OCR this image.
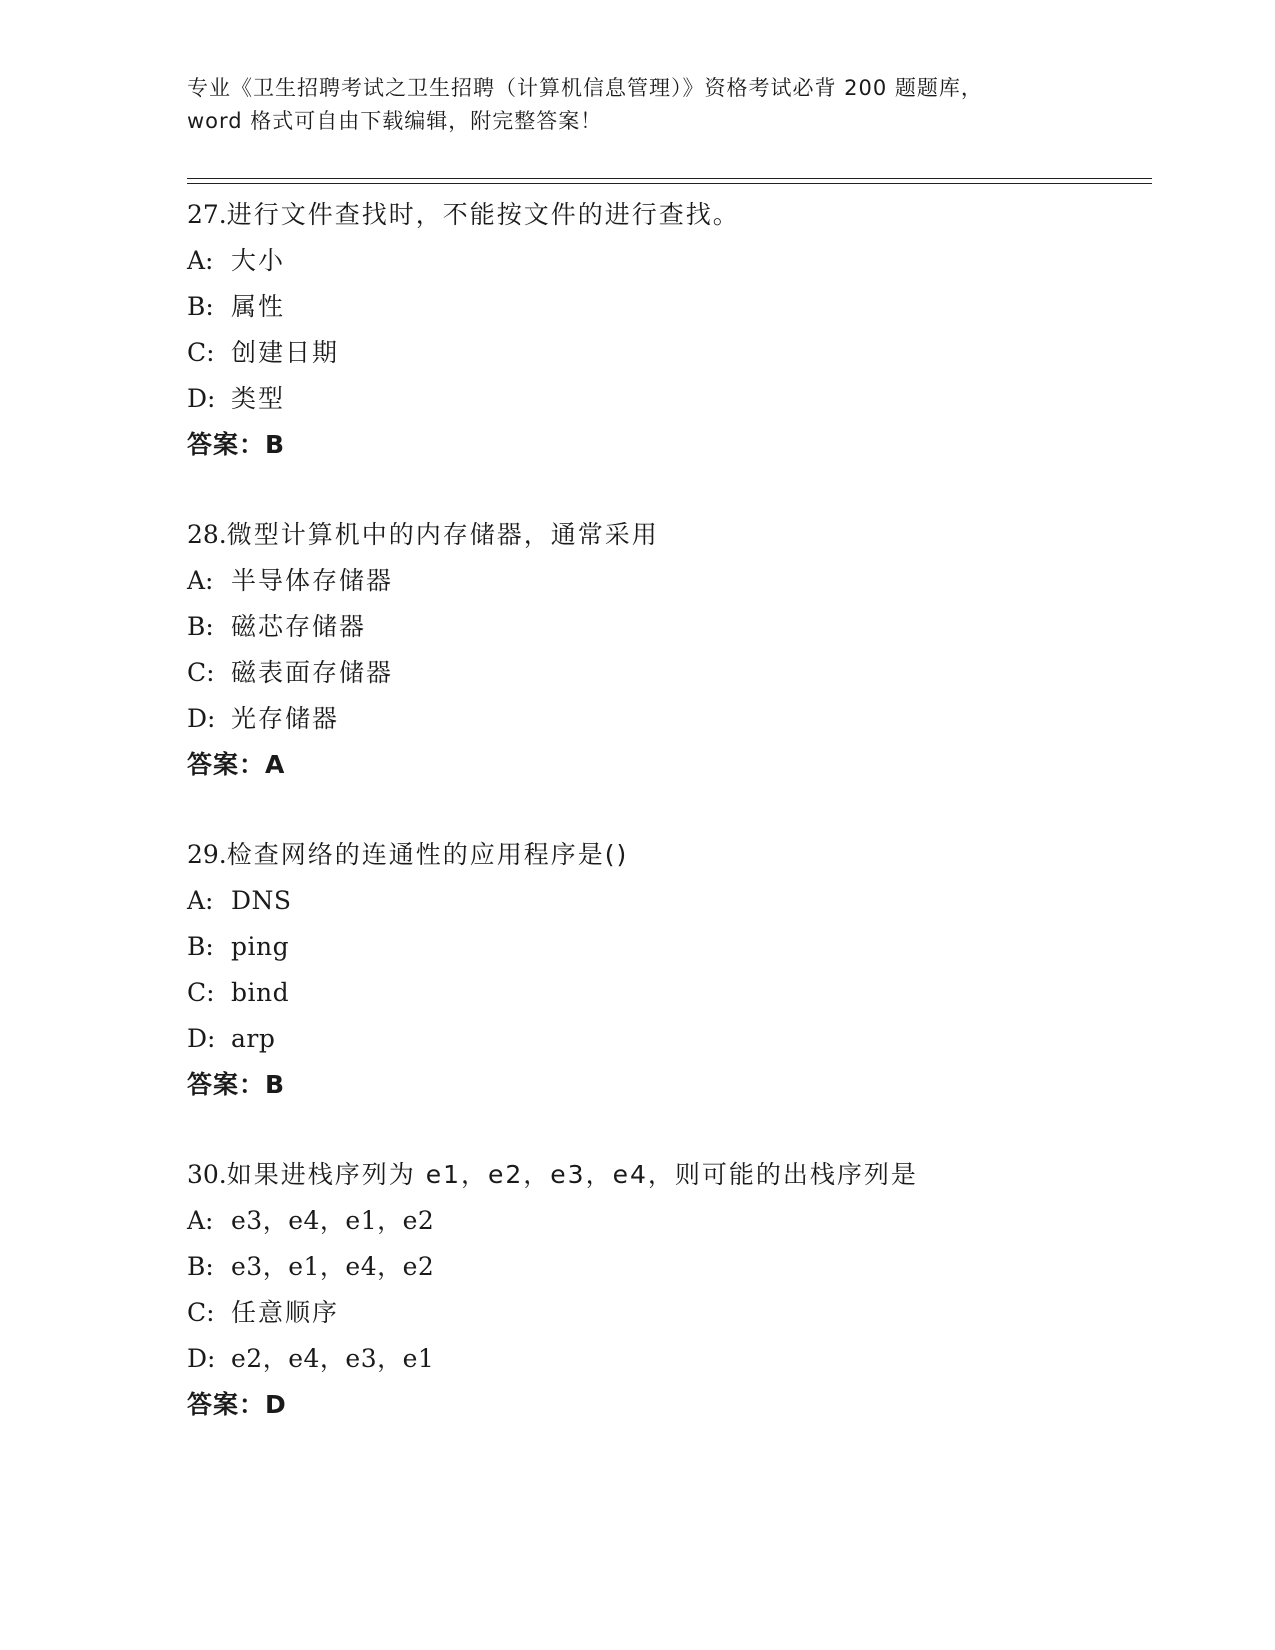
专业《卫生招聘考试之卫生招聘（计算机信息管理）》资格考试必背 200 题题库，
word 格式可自由下载编辑，附完整答案！
27.进行文件查找时，不能按文件的进行查找。
A: 大小
B: 属性
C: 创建日期
D: 类型
答案：B
28.微型计算机中的内存储器，通常采用
A: 半导体存储器
B: 磁芯存储器
C: 磁表面存储器
D: 光存储器
答案：A
29.检查网络的连通性的应用程序是()
A: DNS
B: ping
C: bind
D: arp
答案：B
30.如果进栈序列为 e1，e2，e3，e4，则可能的出栈序列是
A: e3，e4，e1，e2
B: e3，e1，e4，e2
C: 任意顺序
D: e2，e4，e3，e1
答案：D
